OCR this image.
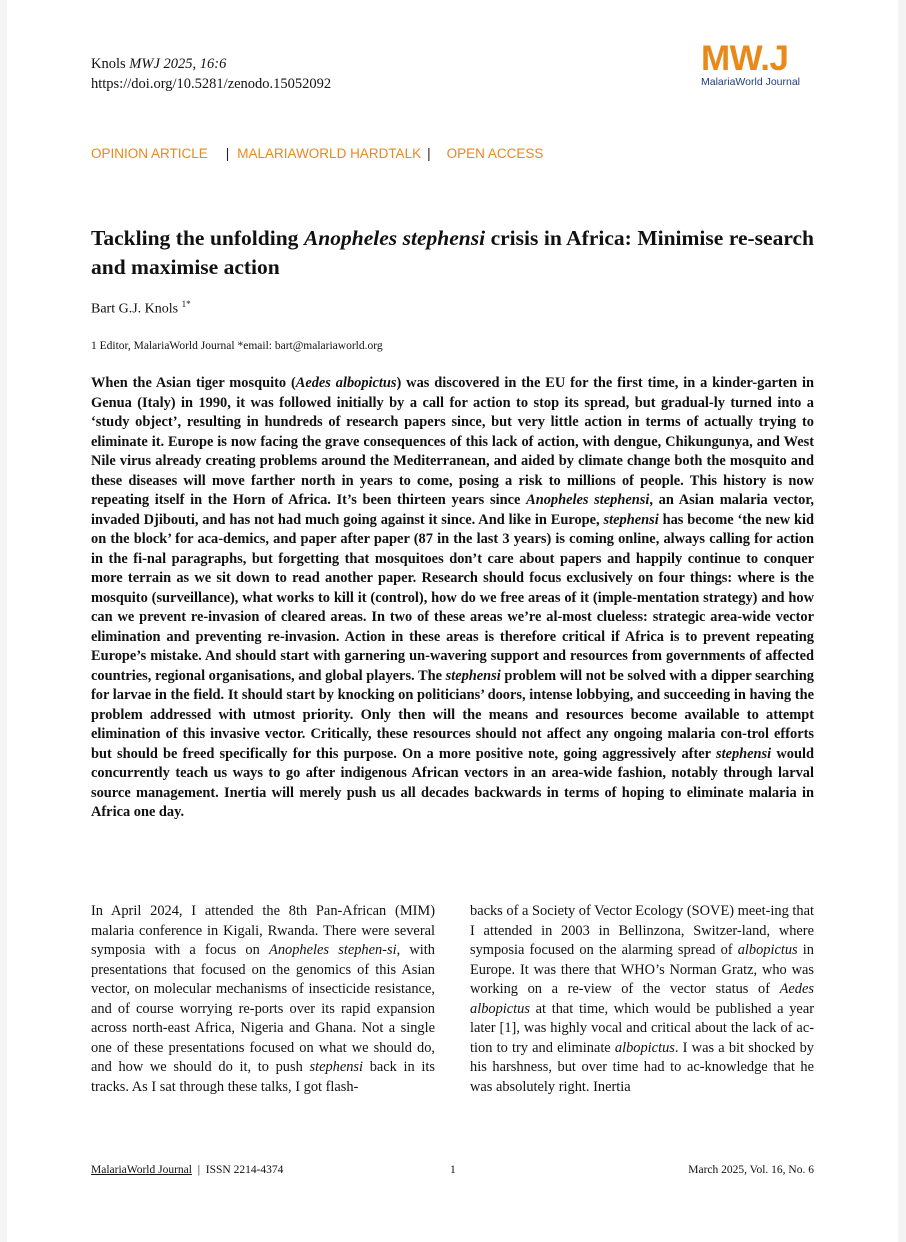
Knols MWJ 2025, 16:6
https://doi.org/10.5281/zenodo.15052092
MW.J
MalariaWorld Journal
OPINION ARTICLE | MALARIAWORLD HARDTALK | OPEN ACCESS
Tackling the unfolding Anopheles stephensi crisis in Africa: Minimise re-search and maximise action
Bart G.J. Knols $^{1*}$
1 Editor, MalariaWorld Journal *email: bart@malariaworld.org

When the Asian tiger mosquito (Aedes albopictus) was discovered in the EU for the first time, in a kinder-garten in Genua (Italy) in 1990, it was followed initially by a call for action to stop its spread, but gradual-ly turned into a ‘study object’, resulting in hundreds of research papers since, but very little action in terms of actually trying to eliminate it. Europe is now facing the grave consequences of this lack of action, with dengue, Chikungunya, and West Nile virus already creating problems around the Mediterranean, and aided by climate change both the mosquito and these diseases will move farther north in years to come, posing a risk to millions of people. This history is now repeating itself in the Horn of Africa. It’s been thirteen years since Anopheles stephensi, an Asian malaria vector, invaded Djibouti, and has not had much going against it since. And like in Europe, stephensi has become ‘the new kid on the block’ for aca-demics, and paper after paper (87 in the last 3 years) is coming online, always calling for action in the fi-nal paragraphs, but forgetting that mosquitoes don’t care about papers and happily continue to conquer more terrain as we sit down to read another paper. Research should focus exclusively on four things: where is the mosquito (surveillance), what works to kill it (control), how do we free areas of it (imple-mentation strategy) and how can we prevent re-invasion of cleared areas. In two of these areas we’re al-most clueless: strategic area-wide vector elimination and preventing re-invasion. Action in these areas is therefore critical if Africa is to prevent repeating Europe’s mistake. And should start with garnering un-wavering support and resources from governments of affected countries, regional organisations, and global players. The stephensi problem will not be solved with a dipper searching for larvae in the field. It should start by knocking on politicians’ doors, intense lobbying, and succeeding in having the problem addressed with utmost priority. Only then will the means and resources become available to attempt elimination of this invasive vector. Critically, these resources should not affect any ongoing malaria con-trol efforts but should be freed specifically for this purpose. On a more positive note, going aggressively after stephensi would concurrently teach us ways to go after indigenous African vectors in an area-wide fashion, notably through larval source management. Inertia will merely push us all decades backwards in terms of hoping to eliminate malaria in Africa one day.

In April 2024, I attended the 8th Pan-African (MIM) malaria conference in Kigali, Rwanda. There were several symposia with a focus on Anopheles stephen-si, with presentations that focused on the genomics of this Asian vector, on molecular mechanisms of insecticide resistance, and of course worrying re-ports over its rapid expansion across north-east Africa, Nigeria and Ghana. Not a single one of these presentations focused on what we should do, and how we should do it, to push stephensi back in its tracks. As I sat through these talks, I got flash-

backs of a Society of Vector Ecology (SOVE) meet-ing that I attended in 2003 in Bellinzona, Switzer-land, where symposia focused on the alarming spread of albopictus in Europe. It was there that WHO’s Norman Gratz, who was working on a re-view of the vector status of Aedes albopictus at that time, which would be published a year later [1], was highly vocal and critical about the lack of ac-tion to try and eliminate albopictus. I was a bit shocked by his harshness, but over time had to ac-knowledge that he was absolutely right. Inertia

MalariaWorld Journal  |  ISSN 2214-4374	1	March 2025, Vol. 16, No. 6
